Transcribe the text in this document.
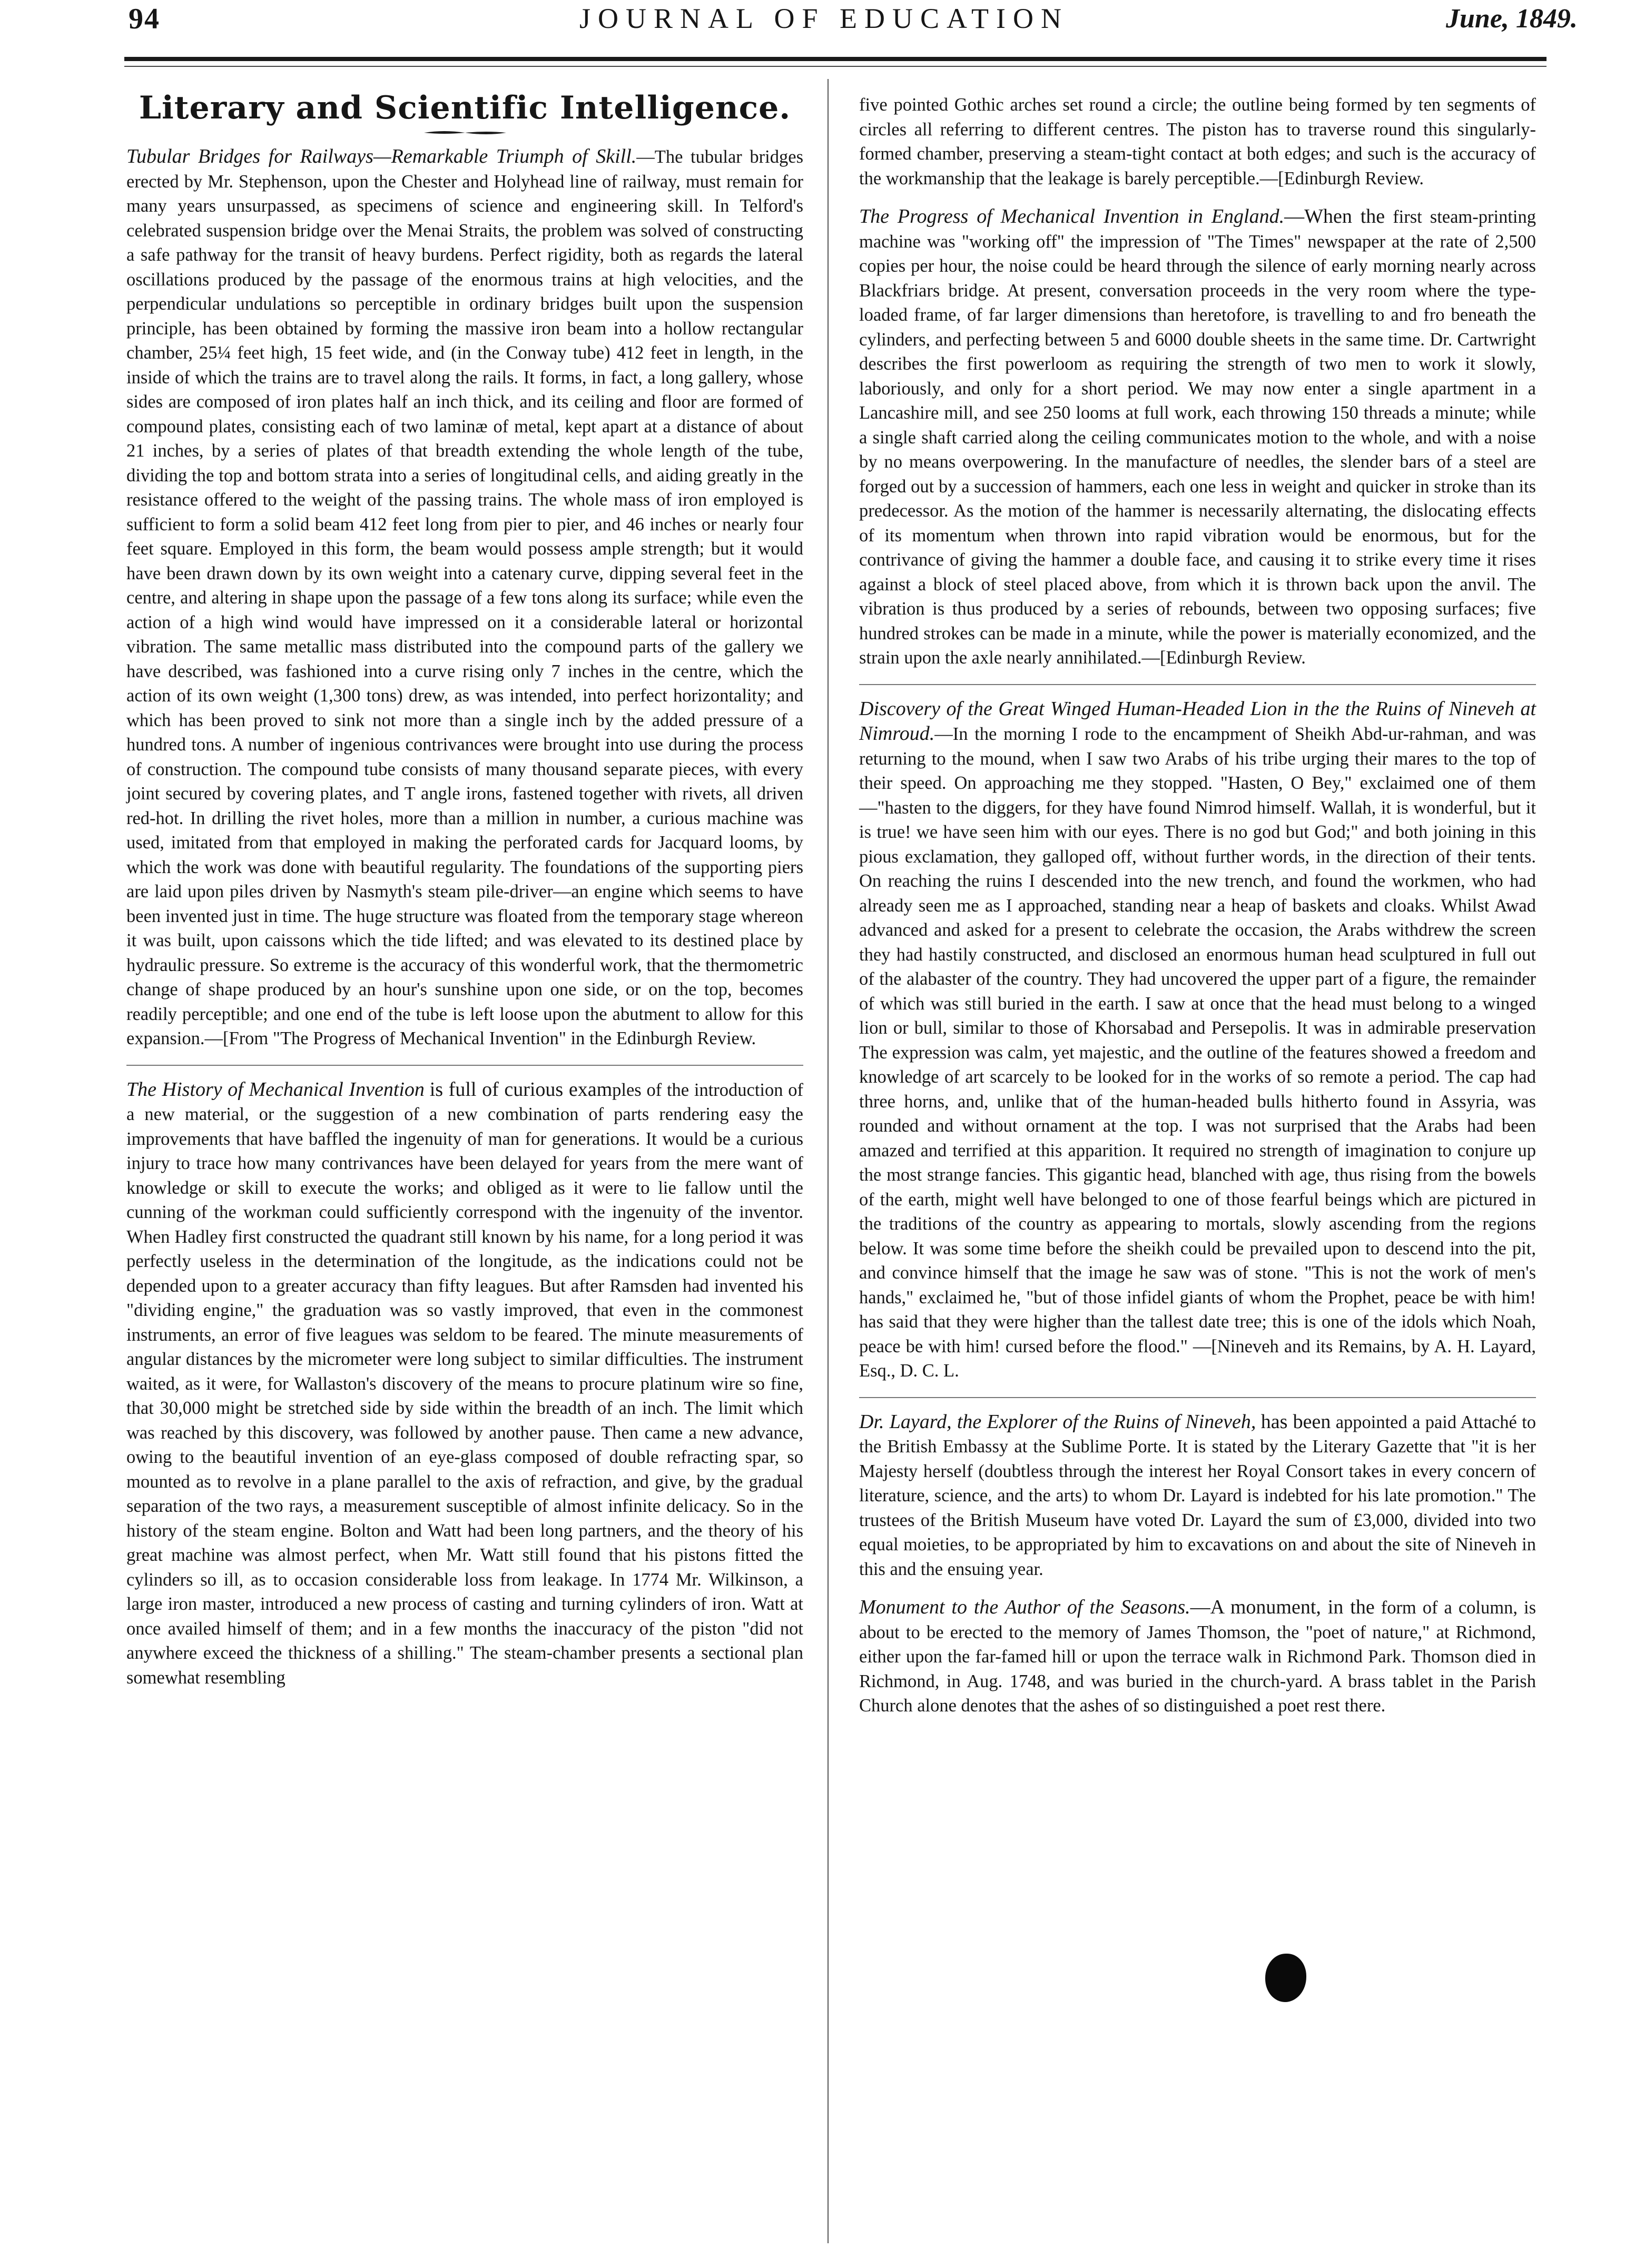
94	JOURNAL OF EDUCATION	June, 1849.
Literary and Scientific Intelligence.
Tubular Bridges for Railways—Remarkable Triumph of Skill.—The tubular bridges erected by Mr. Stephenson, upon the Chester and Holyhead line of railway, must remain for many years unsurpassed, as specimens of science and engineering skill. In Telford's celebrated suspension bridge over the Menai Straits, the problem was solved of constructing a safe pathway for the transit of heavy burdens. Perfect rigidity, both as regards the lateral oscillations produced by the passage of the enormous trains at high velocities, and the perpendicular undulations so perceptible in ordinary bridges built upon the suspension principle, has been obtained by forming the massive iron beam into a hollow rectangular chamber, 25¼ feet high, 15 feet wide, and (in the Conway tube) 412 feet in length, in the inside of which the trains are to travel along the rails. It forms, in fact, a long gallery, whose sides are composed of iron plates half an inch thick, and its ceiling and floor are formed of compound plates, consisting each of two laminæ of metal, kept apart at a distance of about 21 inches, by a series of plates of that breadth extending the whole length of the tube, dividing the top and bottom strata into a series of longitudinal cells, and aiding greatly in the resistance offered to the weight of the passing trains. The whole mass of iron employed is sufficient to form a solid beam 412 feet long from pier to pier, and 46 inches or nearly four feet square. Employed in this form, the beam would possess ample strength; but it would have been drawn down by its own weight into a catenary curve, dipping several feet in the centre, and altering in shape upon the passage of a few tons along its surface; while even the action of a high wind would have impressed on it a considerable lateral or horizontal vibration. The same metallic mass distributed into the compound parts of the gallery we have described, was fashioned into a curve rising only 7 inches in the centre, which the action of its own weight (1,300 tons) drew, as was intended, into perfect horizontality; and which has been proved to sink not more than a single inch by the added pressure of a hundred tons. A number of ingenious contrivances were brought into use during the process of construction. The compound tube consists of many thousand separate pieces, with every joint secured by covering plates, and T angle irons, fastened together with rivets, all driven red-hot. In drilling the rivet holes, more than a million in number, a curious machine was used, imitated from that employed in making the perforated cards for Jacquard looms, by which the work was done with beautiful regularity. The foundations of the supporting piers are laid upon piles driven by Nasmyth's steam pile-driver—an engine which seems to have been invented just in time. The huge structure was floated from the temporary stage whereon it was built, upon caissons which the tide lifted; and was elevated to its destined place by hydraulic pressure. So extreme is the accuracy of this wonderful work, that the thermometric change of shape produced by an hour's sunshine upon one side, or on the top, becomes readily perceptible; and one end of the tube is left loose upon the abutment to allow for this expansion.—[From "The Progress of Mechanical Invention" in the Edinburgh Review.
The History of Mechanical Invention is full of curious examples of the introduction of a new material, or the suggestion of a new combination of parts rendering easy the improvements that have baffled the ingenuity of man for generations. It would be a curious injury to trace how many contrivances have been delayed for years from the mere want of knowledge or skill to execute the works; and obliged as it were to lie fallow until the cunning of the workman could sufficiently correspond with the ingenuity of the inventor. When Hadley first constructed the quadrant still known by his name, for a long period it was perfectly useless in the determination of the longitude, as the indications could not be depended upon to a greater accuracy than fifty leagues. But after Ramsden had invented his "dividing engine," the graduation was so vastly improved, that even in the commonest instruments, an error of five leagues was seldom to be feared. The minute measurements of angular distances by the micrometer were long subject to similar difficulties. The instrument waited, as it were, for Wallaston's discovery of the means to procure platinum wire so fine, that 30,000 might be stretched side by side within the breadth of an inch. The limit which was reached by this discovery, was followed by another pause. Then came a new advance, owing to the beautiful invention of an eye-glass composed of double refracting spar, so mounted as to revolve in a plane parallel to the axis of refraction, and give, by the gradual separation of the two rays, a measurement susceptible of almost infinite delicacy. So in the history of the steam engine. Bolton and Watt had been long partners, and the theory of his great machine was almost perfect, when Mr. Watt still found that his pistons fitted the cylinders so ill, as to occasion considerable loss from leakage. In 1774 Mr. Wilkinson, a large iron master, introduced a new process of casting and turning cylinders of iron. Watt at once availed himself of them; and in a few months the inaccuracy of the piston "did not anywhere exceed the thickness of a shilling." The steam-chamber presents a sectional plan somewhat resembling
five pointed Gothic arches set round a circle; the outline being formed by ten segments of circles all referring to different centres. The piston has to traverse round this singularly-formed chamber, preserving a steam-tight contact at both edges; and such is the accuracy of the workmanship that the leakage is barely perceptible.—[Edinburgh Review.
The Progress of Mechanical Invention in England.—When the first steam-printing machine was "working off" the impression of "The Times" newspaper at the rate of 2,500 copies per hour, the noise could be heard through the silence of early morning nearly across Blackfriars bridge. At present, conversation proceeds in the very room where the type-loaded frame, of far larger dimensions than heretofore, is travelling to and fro beneath the cylinders, and perfecting between 5 and 6000 double sheets in the same time. Dr. Cartwright describes the first powerloom as requiring the strength of two men to work it slowly, laboriously, and only for a short period. We may now enter a single apartment in a Lancashire mill, and see 250 looms at full work, each throwing 150 threads a minute; while a single shaft carried along the ceiling communicates motion to the whole, and with a noise by no means overpowering. In the manufacture of needles, the slender bars of a steel are forged out by a succession of hammers, each one less in weight and quicker in stroke than its predecessor. As the motion of the hammer is necessarily alternating, the dislocating effects of its momentum when thrown into rapid vibration would be enormous, but for the contrivance of giving the hammer a double face, and causing it to strike every time it rises against a block of steel placed above, from which it is thrown back upon the anvil. The vibration is thus produced by a series of rebounds, between two opposing surfaces; five hundred strokes can be made in a minute, while the power is materially economized, and the strain upon the axle nearly annihilated.—[Edinburgh Review.
Discovery of the Great Winged Human-Headed Lion in the the Ruins of Nineveh at Nimroud.—In the morning I rode to the encampment of Sheikh Abd-ur-rahman, and was returning to the mound, when I saw two Arabs of his tribe urging their mares to the top of their speed. On approaching me they stopped. "Hasten, O Bey," exclaimed one of them—"hasten to the diggers, for they have found Nimrod himself. Wallah, it is wonderful, but it is true! we have seen him with our eyes. There is no god but God;" and both joining in this pious exclamation, they galloped off, without further words, in the direction of their tents. On reaching the ruins I descended into the new trench, and found the workmen, who had already seen me as I approached, standing near a heap of baskets and cloaks. Whilst Awad advanced and asked for a present to celebrate the occasion, the Arabs withdrew the screen they had hastily constructed, and disclosed an enormous human head sculptured in full out of the alabaster of the country. They had uncovered the upper part of a figure, the remainder of which was still buried in the earth. I saw at once that the head must belong to a winged lion or bull, similar to those of Khorsabad and Persepolis. It was in admirable preservation The expression was calm, yet majestic, and the outline of the features showed a freedom and knowledge of art scarcely to be looked for in the works of so remote a period. The cap had three horns, and, unlike that of the human-headed bulls hitherto found in Assyria, was rounded and without ornament at the top. I was not surprised that the Arabs had been amazed and terrified at this apparition. It required no strength of imagination to conjure up the most strange fancies. This gigantic head, blanched with age, thus rising from the bowels of the earth, might well have belonged to one of those fearful beings which are pictured in the traditions of the country as appearing to mortals, slowly ascending from the regions below. It was some time before the sheikh could be prevailed upon to descend into the pit, and convince himself that the image he saw was of stone. "This is not the work of men's hands," exclaimed he, "but of those infidel giants of whom the Prophet, peace be with him! has said that they were higher than the tallest date tree; this is one of the idols which Noah, peace be with him! cursed before the flood." —[Nineveh and its Remains, by A. H. Layard, Esq., D. C. L.
Dr. Layard, the Explorer of the Ruins of Nineveh, has been appointed a paid Attaché to the British Embassy at the Sublime Porte. It is stated by the Literary Gazette that "it is her Majesty herself (doubtless through the interest her Royal Consort takes in every concern of literature, science, and the arts) to whom Dr. Layard is indebted for his late promotion." The trustees of the British Museum have voted Dr. Layard the sum of £3,000, divided into two equal moieties, to be appropriated by him to excavations on and about the site of Nineveh in this and the ensuing year.
Monument to the Author of the Seasons.—A monument, in the form of a column, is about to be erected to the memory of James Thomson, the "poet of nature," at Richmond, either upon the far-famed hill or upon the terrace walk in Richmond Park. Thomson died in Richmond, in Aug. 1748, and was buried in the church-yard. A brass tablet in the Parish Church alone denotes that the ashes of so distinguished a poet rest there.
